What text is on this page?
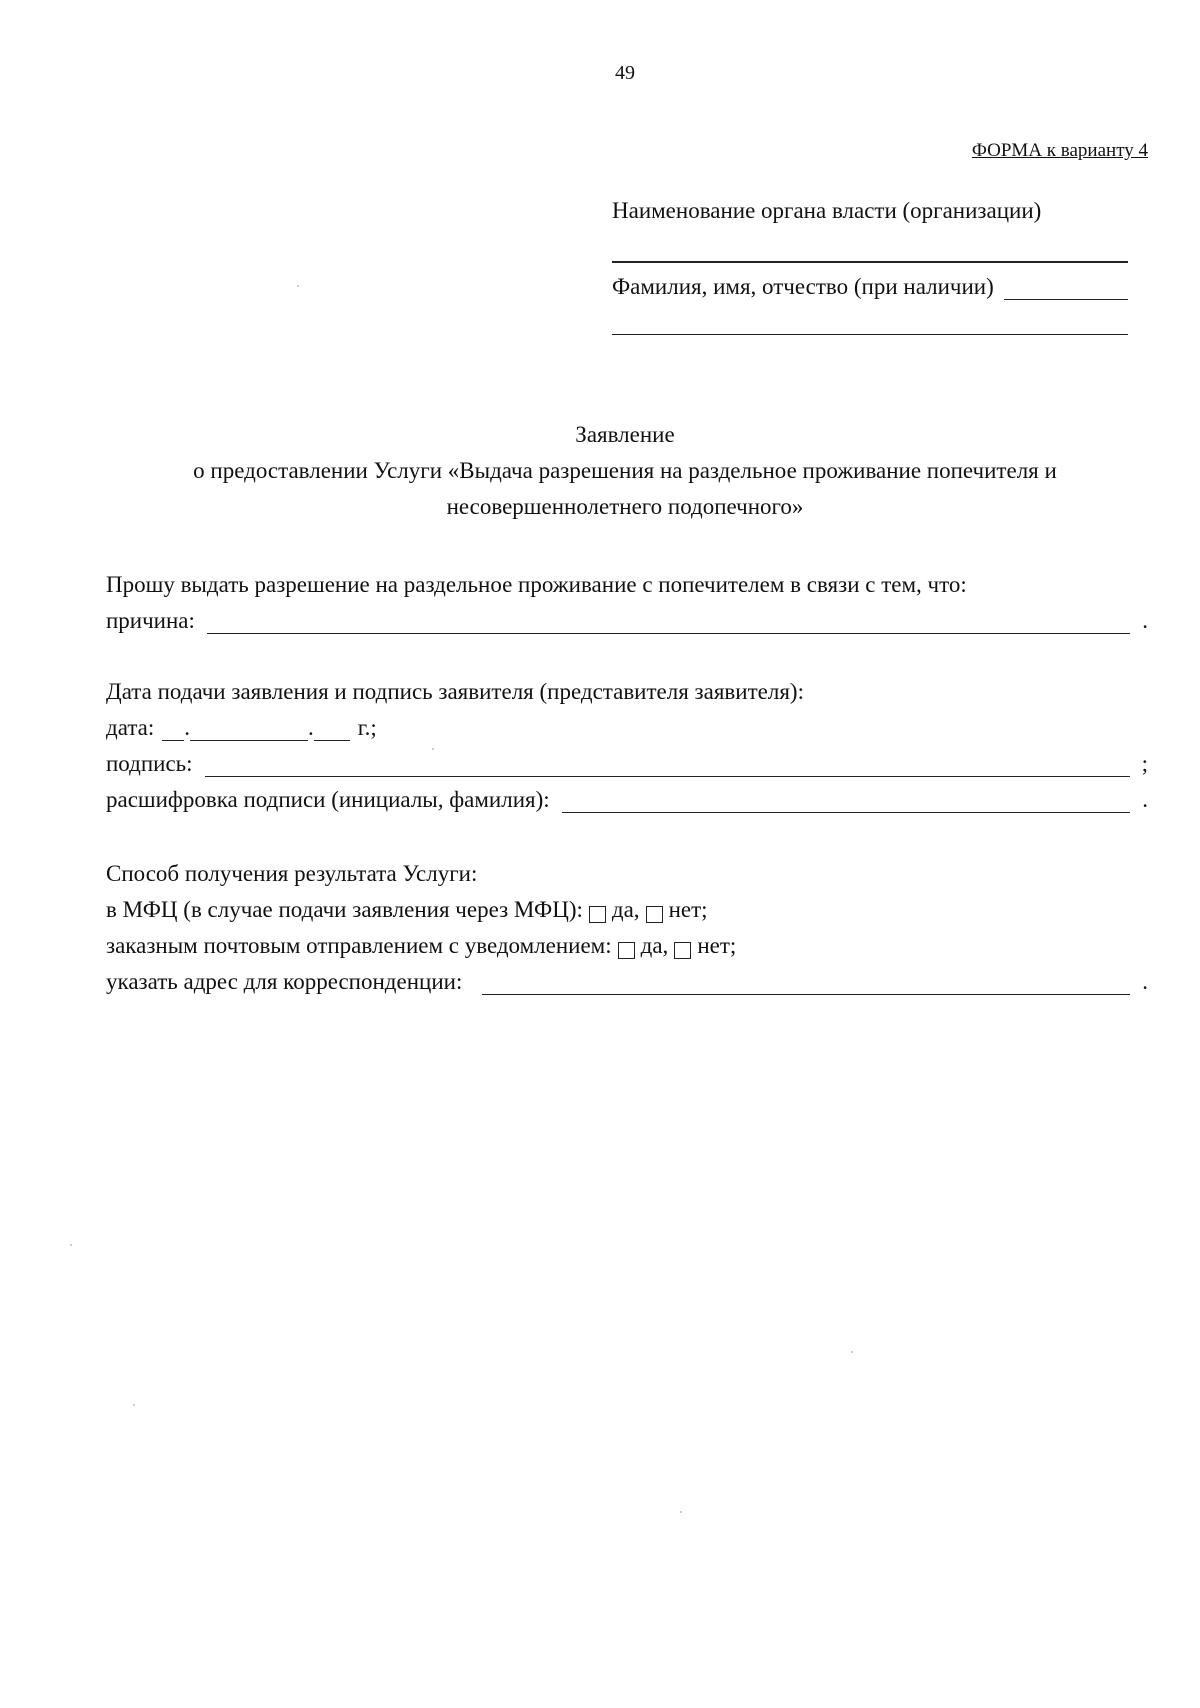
49
ФОРМА к варианту 4
Наименование органа власти (организации)
Фамилия, имя, отчество (при наличии)
Заявление
о предоставлении Услуги «Выдача разрешения на раздельное проживание попечителя и
несовершеннолетнего подопечного»
Прошу выдать разрешение на раздельное проживание с попечителем в связи с тем, что:
причина:	.
Дата подачи заявления и подпись заявителя (представителя заявителя):
дата: .	. г.;
подпись:	;
расшифровка подписи (инициалы, фамилия):	.
Способ получения результата Услуги:
в МФЦ (в случае подачи заявления через МФЦ): да, нет;
заказным почтовым отправлением с уведомлением: да, нет;
указать адрес для корреспонденции:	.
